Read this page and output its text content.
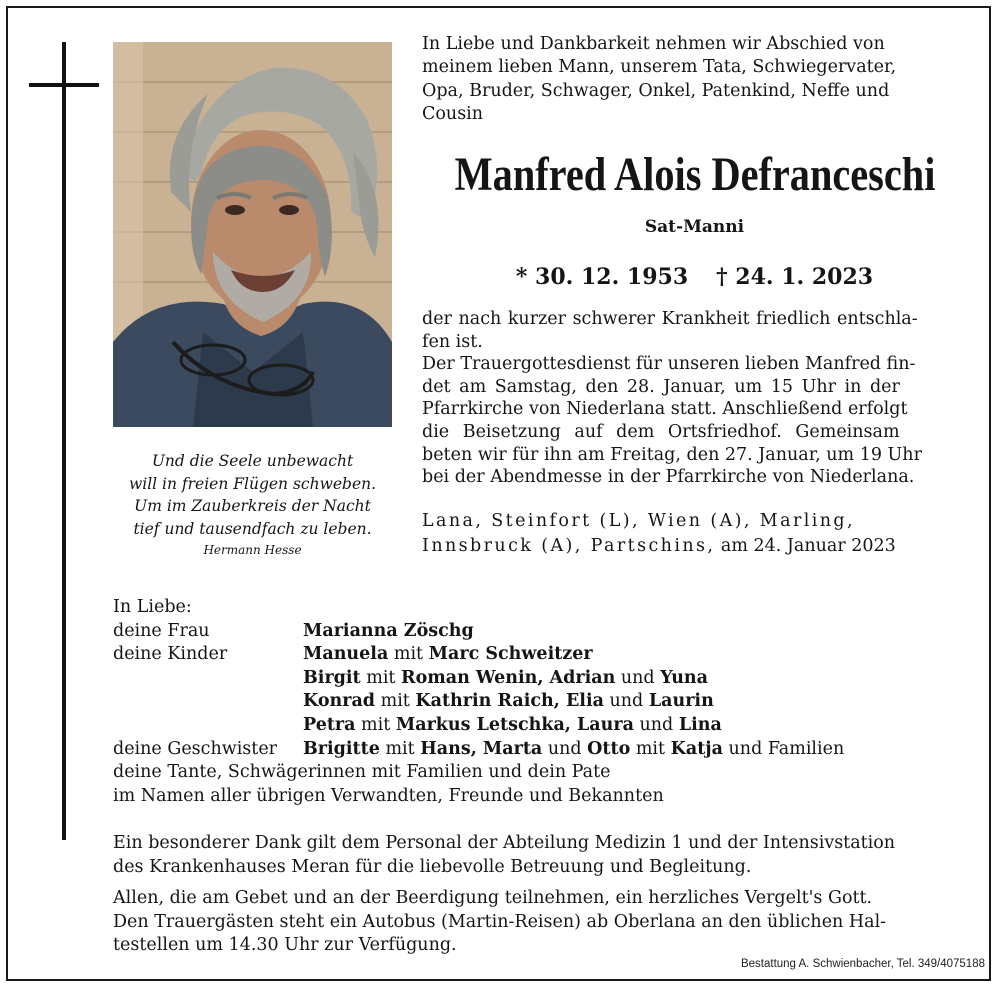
Und die Seele unbewacht
will in freien Flügen schweben.
Um im Zauberkreis der Nacht
tief und tausendfach zu leben.
Hermann Hesse
In Liebe und Dankbarkeit nehmen wir Abschied von
meinem lieben Mann, unserem Tata, Schwiegervater,
Opa, Bruder, Schwager, Onkel, Patenkind, Neffe und
Cousin
Manfred Alois Defranceschi
Sat-Manni
* 30. 12. 1953 † 24. 1. 2023
der nach kurzer schwerer Krankheit friedlich entschla-
fen ist.
Der Trauergottesdienst für unseren lieben Manfred fin-
det am Samstag, den 28. Januar, um 15 Uhr in der
Pfarrkirche von Niederlana statt. Anschließend erfolgt
die Beisetzung auf dem Ortsfriedhof. Gemeinsam
beten wir für ihn am Freitag, den 27. Januar, um 19 Uhr
bei der Abendmesse in der Pfarrkirche von Niederlana.
Lana, Steinfort (L), Wien (A), Marling,
Innsbruck (A), Partschins, am 24. Januar 2023
In Liebe:
deine Frau	Marianna Zöschg
deine Kinder	Manuela mit Marc Schweitzer
Birgit mit Roman Wenin, Adrian und Yuna
Konrad mit Kathrin Raich, Elia und Laurin
Petra mit Markus Letschka, Laura und Lina
deine Geschwister Brigitte mit Hans, Marta und Otto mit Katja und Familien
deine Tante, Schwägerinnen mit Familien und dein Pate
im Namen aller übrigen Verwandten, Freunde und Bekannten
Ein besonderer Dank gilt dem Personal der Abteilung Medizin 1 und der Intensivstation
des Krankenhauses Meran für die liebevolle Betreuung und Begleitung.
Allen, die am Gebet und an der Beerdigung teilnehmen, ein herzliches Vergelt's Gott.
Den Trauergästen steht ein Autobus (Martin-Reisen) ab Oberlana an den üblichen Hal-
testellen um 14.30 Uhr zur Verfügung.
Bestattung A. Schwienbacher, Tel. 349/4075188
